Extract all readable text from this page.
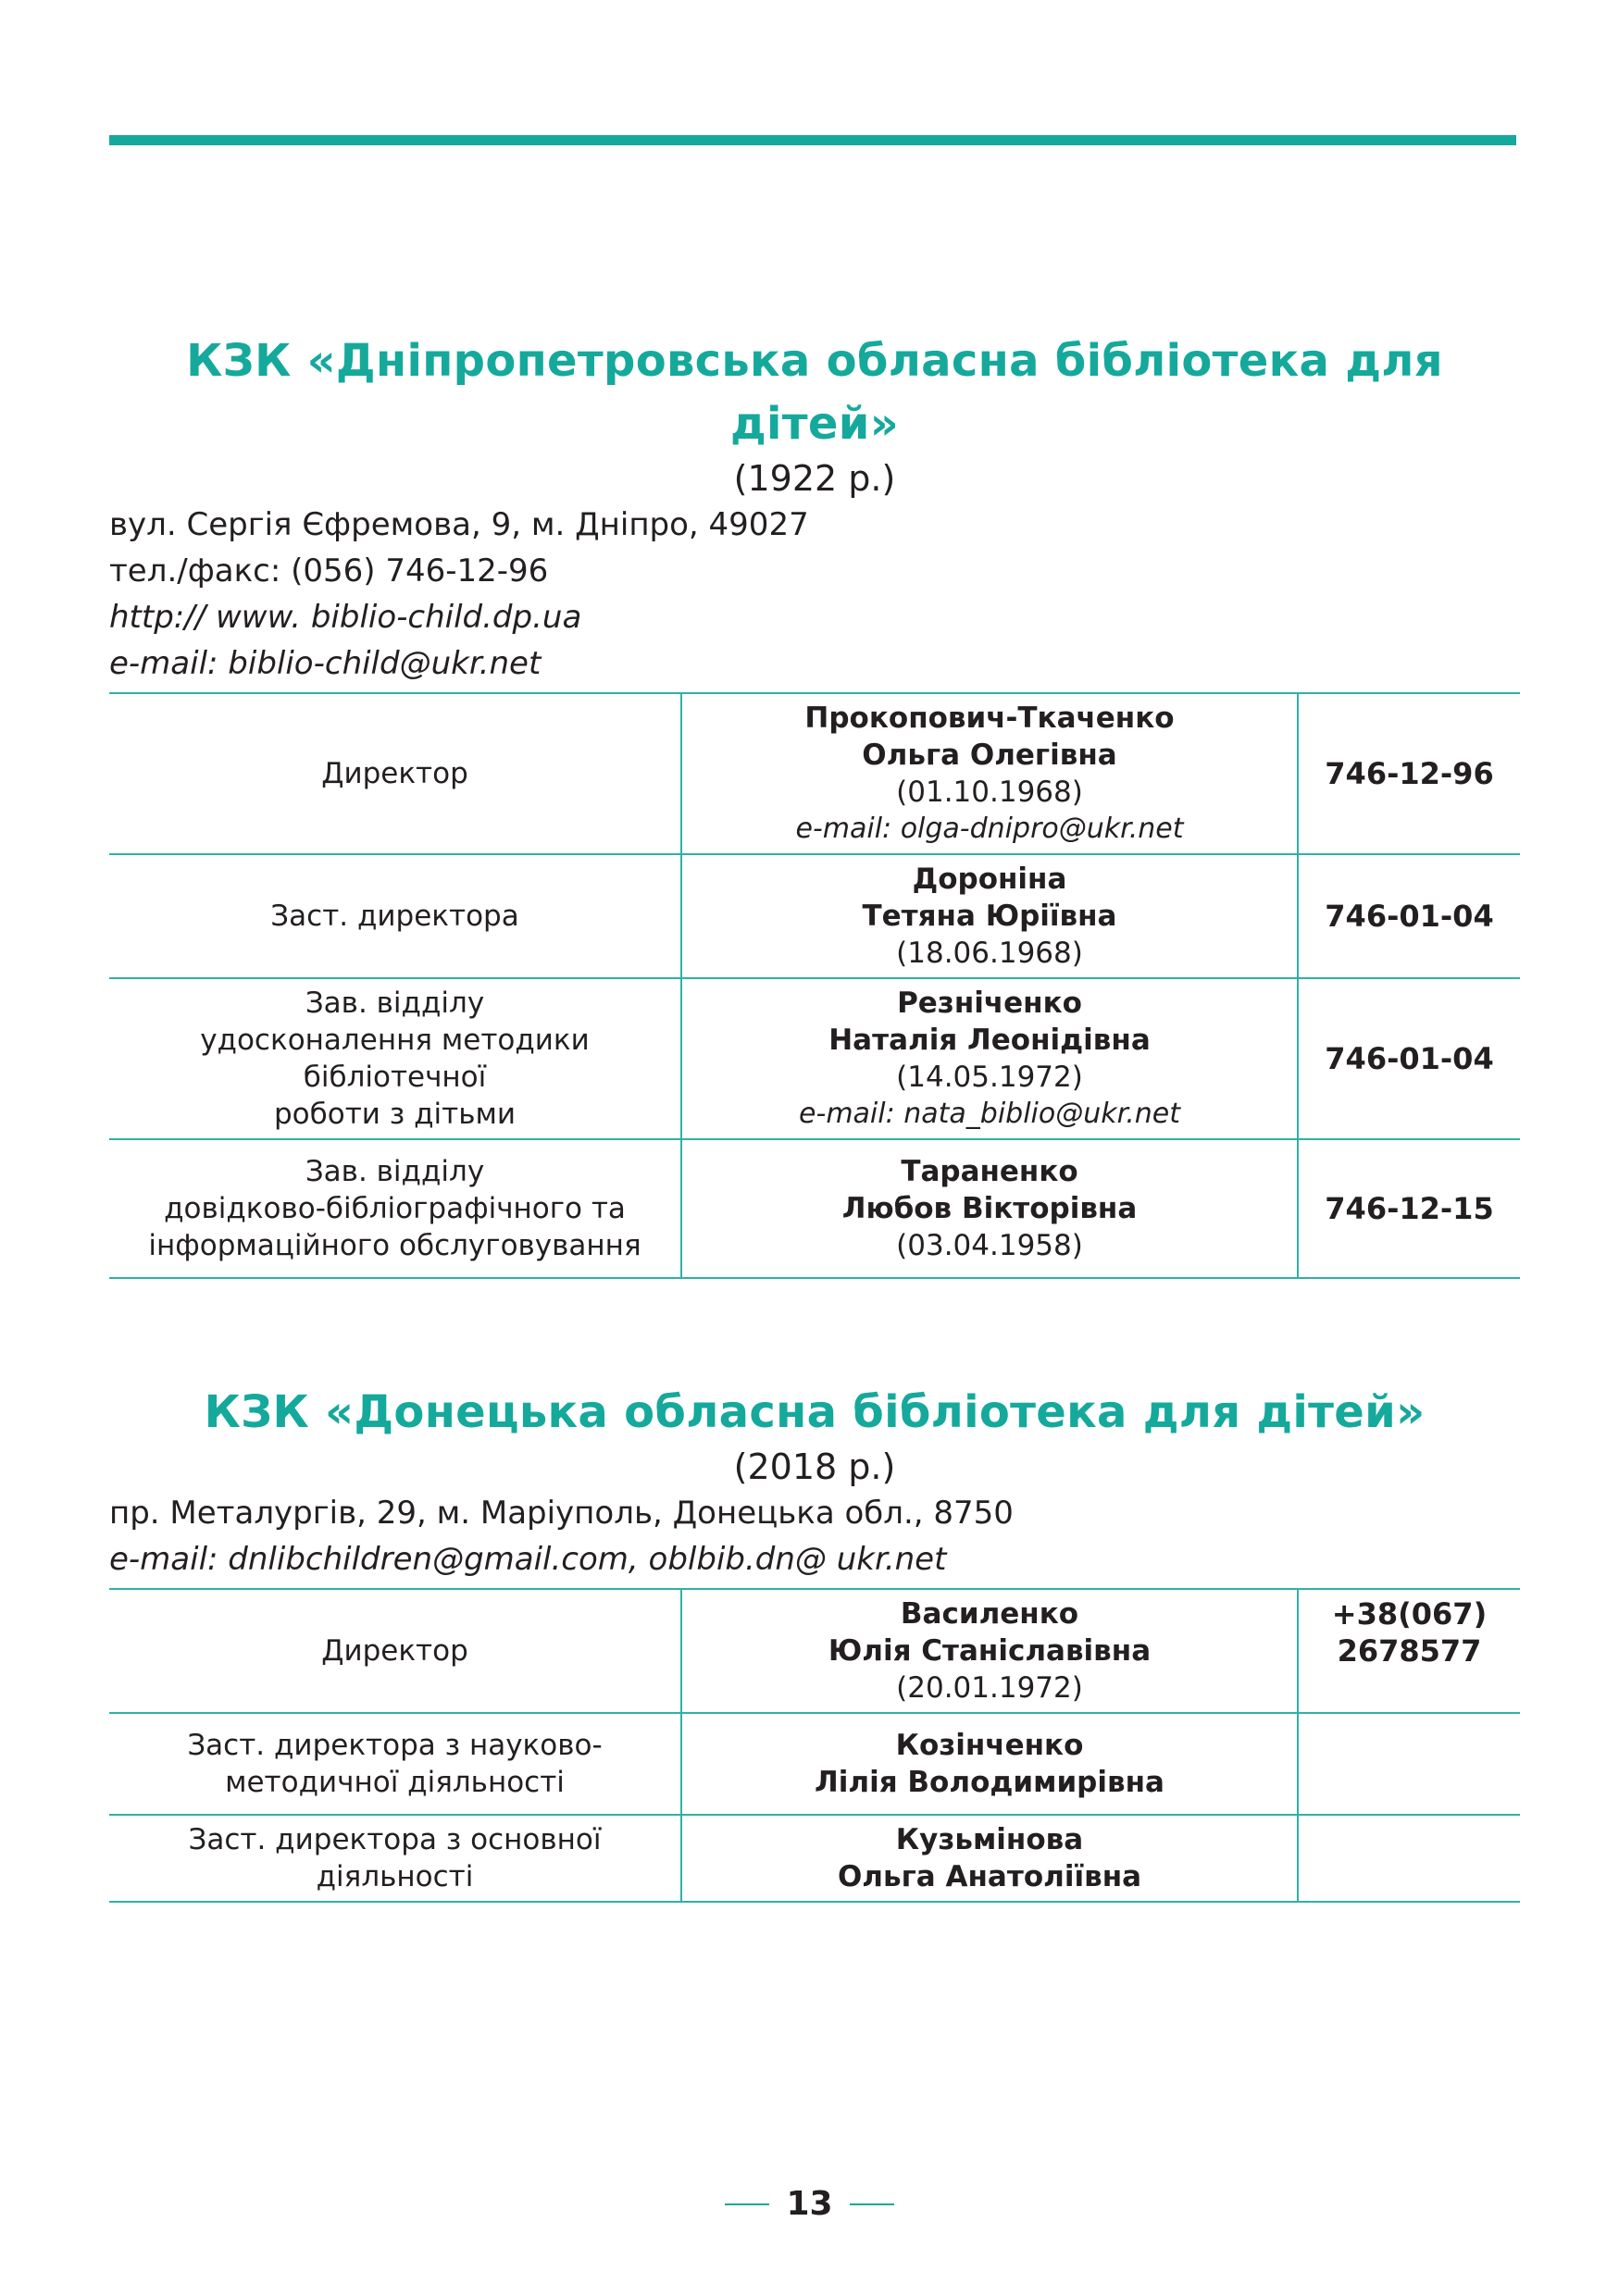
КЗК «Дніпропетровська обласна бібліотека для дітей»

(1922 р.)

вул. Сергія Єфремова, 9, м. Дніпро, 49027

тел./факс: (056) 746-12-96

http:// www. biblio-child.dp.ua

e-mail: biblio-child@ukr.net

Директор	Прокопович-Ткаченко
Ольга Олегівна
(01.10.1968)
e-mail: olga-dnipro@ukr.net	746-12-96
Заст. директора	Дороніна
Тетяна Юріївна
(18.06.1968)	746-01-04

Зав. відділу
удосконалення методики бібліотечної
роботи з дітьми	Резніченко
Наталія Леонідівна
(14.05.1972)
e-mail: nata_biblio@ukr.net	746-01-04

Зав. відділу
довідково-бібліографічного та
інформаційного обслуговування	Тараненко
Любов Вікторівна
(03.04.1958)	746-12-15
КЗК «Донецька обласна бібліотека для дітей»

(2018 р.)

пр. Металургів, 29, м. Маріуполь, Донецька обл., 8750

e-mail: dnlibchildren@gmail.com, oblbib.dn@ ukr.net

Директор	Василенко
Юлія Станіславівна
(20.01.1972)	+38(067)
2678577

Заст. директора з науково-
методичної діяльності	Козінченко
Лілія Володимирівна	

Заст. директора з основної діяльності	Кузьмінова
Ольга Анатоліївна	

13
